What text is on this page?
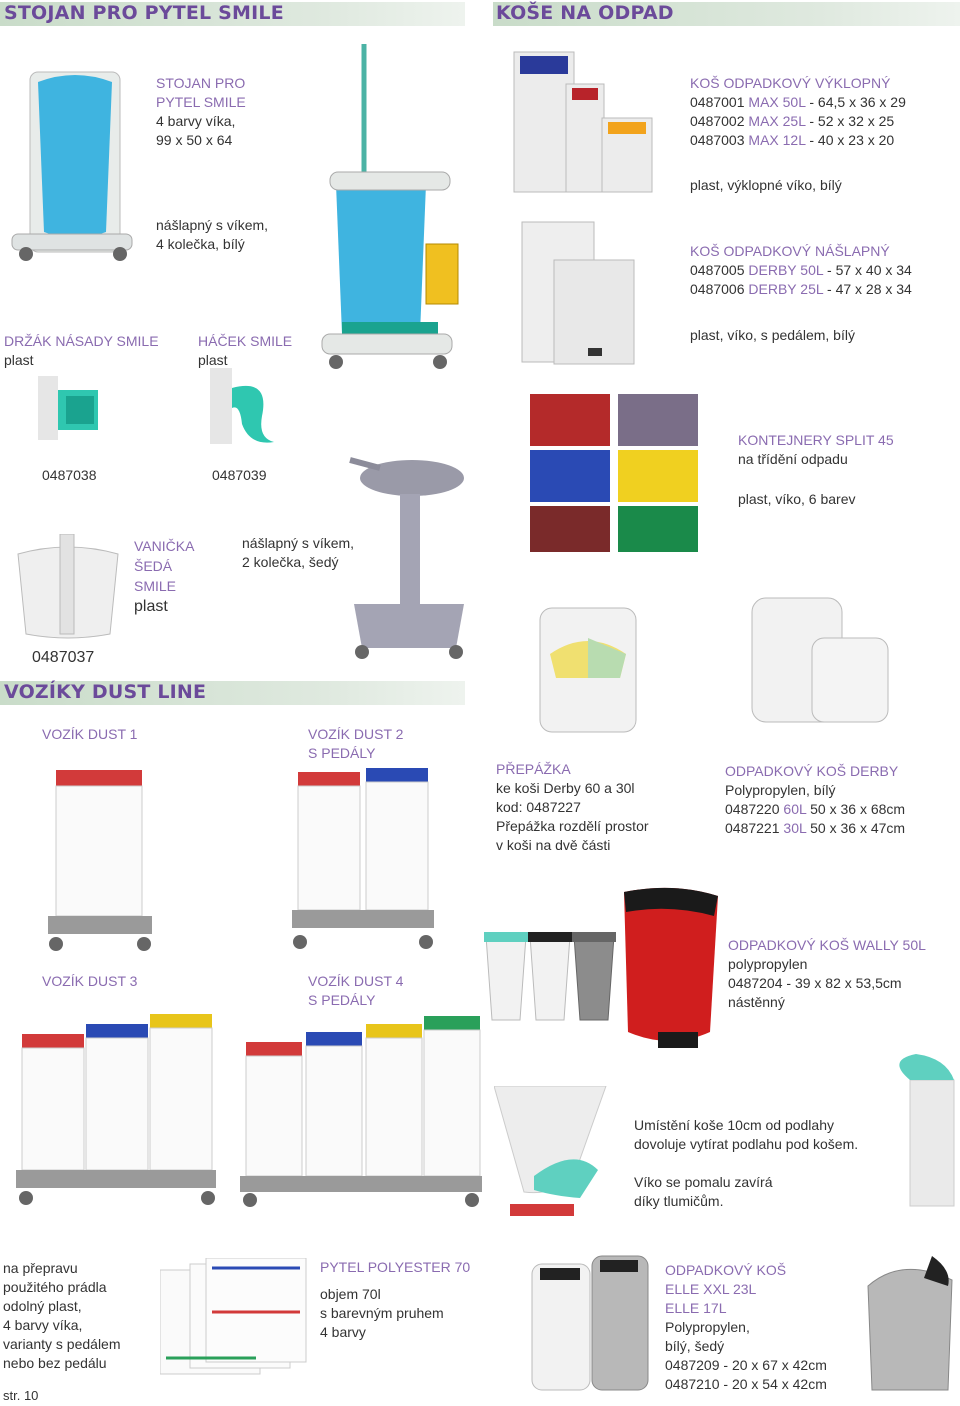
STOJAN PRO PYTEL SMILE	KOŠE NA ODPAD
VOZÍKY DUST LINE
STOJAN PRO
PYTEL SMILE
4 barvy víka,
99 x 50 x 64
nášlapný s víkem,
4 kolečka, bílý
DRŽÁK NÁSADY SMILE
plast
0487038
HÁČEK SMILE
plast
0487039
VANIČKA
ŠEDÁ
SMILE
plast
0487037
nášlapný s víkem,
2 kolečka, šedý
KOŠ ODPADKOVÝ VÝKLOPNÝ
0487001 MAX 50L - 64,5 x 36 x 29
0487002 MAX 25L - 52 x 32 x 25
0487003 MAX 12L - 40 x 23 x 20
plast, výklopné víko, bílý
KOŠ ODPADKOVÝ NÁŠLAPNÝ
0487005 DERBY 50L - 57 x 40 x 34
0487006 DERBY 25L - 47 x 28 x 34
plast, víko, s pedálem, bílý
KONTEJNERY SPLIT 45
na třídění odpadu
plast, víko, 6 barev
VOZÍK DUST 1	VOZÍK DUST 2
S PEDÁLY
VOZÍK DUST 3	VOZÍK DUST 4
S PEDÁLY
PŘEPÁŽKA
ke koši Derby 60 a 30l
kod: 0487227
Přepážka rozdělí prostor
v koši na dvě části
ODPADKOVÝ KOŠ DERBY
Polypropylen, bílý
0487220 60L 50 x 36 x 68cm
0487221 30L 50 x 36 x 47cm
ODPADKOVÝ KOŠ WALLY 50L
polypropylen
0487204 - 39 x 82 x 53,5cm
nástěnný
Umístění koše 10cm od podlahy
dovoluje vytírat podlahu pod košem.
Víko se pomalu zavírá
díky tlumičům.
na přepravu
použitého prádla
odolný plast,
4 barvy víka,
varianty s pedálem
nebo bez pedálu
str. 10
PYTEL POLYESTER 70
objem 70l
s barevným pruhem
4 barvy
ODPADKOVÝ KOŠ
ELLE XXL 23L
ELLE 17L
Polypropylen,
bílý, šedý
0487209 - 20 x 67 x 42cm
0487210 - 20 x 54 x 42cm
